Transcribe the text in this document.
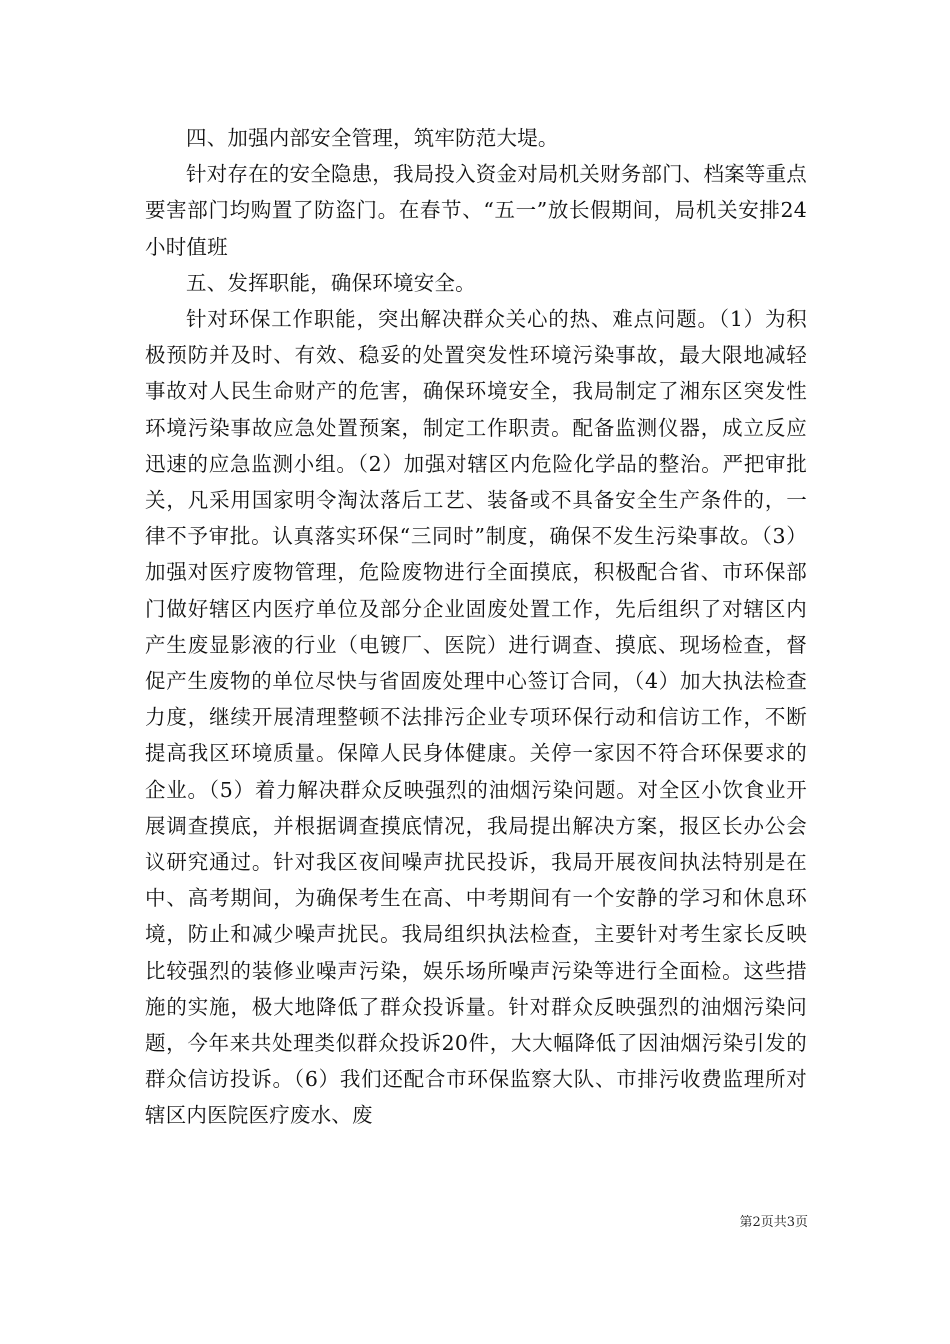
四、加强内部安全管理，筑牢防范大堤。

针对存在的安全隐患，我局投入资金对局机关财务部门、档案等重点要害部门均购置了防盗门。在春节、“五一”放长假期间，局机关安排24小时值班

五、发挥职能，确保环境安全。

针对环保工作职能，突出解决群众关心的热、难点问题。（1）为积极预防并及时、有效、稳妥的处置突发性环境污染事故，最大限地减轻事故对人民生命财产的危害，确保环境安全，我局制定了湘东区突发性环境污染事故应急处置预案，制定工作职责。配备监测仪器，成立反应迅速的应急监测小组。（2）加强对辖区内危险化学品的整治。严把审批关，凡采用国家明令淘汰落后工艺、装备或不具备安全生产条件的，一律不予审批。认真落实环保“三同时”制度，确保不发生污染事故。（3）加强对医疗废物管理，危险废物进行全面摸底，积极配合省、市环保部门做好辖区内医疗单位及部分企业固废处置工作，先后组织了对辖区内产生废显影液的行业（电镀厂、医院）进行调查、摸底、现场检查，督促产生废物的单位尽快与省固废处理中心签订合同，（4）加大执法检查力度，继续开展清理整顿不法排污企业专项环保行动和信访工作，不断提高我区环境质量。保障人民身体健康。关停一家因不符合环保要求的企业。（5）着力解决群众反映强烈的油烟污染问题。对全区小饮食业开展调查摸底，并根据调查摸底情况，我局提出解决方案，报区长办公会议研究通过。针对我区夜间噪声扰民投诉，我局开展夜间执法特别是在中、高考期间，为确保考生在高、中考期间有一个安静的学习和休息环境，防止和减少噪声扰民。我局组织执法检查，主要针对考生家长反映比较强烈的装修业噪声污染，娱乐场所噪声污染等进行全面检。这些措施的实施，极大地降低了群众投诉量。针对群众反映强烈的油烟污染问题，今年来共处理类似群众投诉20件，大大幅降低了因油烟污染引发的群众信访投诉。（6）我们还配合市环保监察大队、市排污收费监理所对辖区内医院医疗废水、废

第2页共3页
